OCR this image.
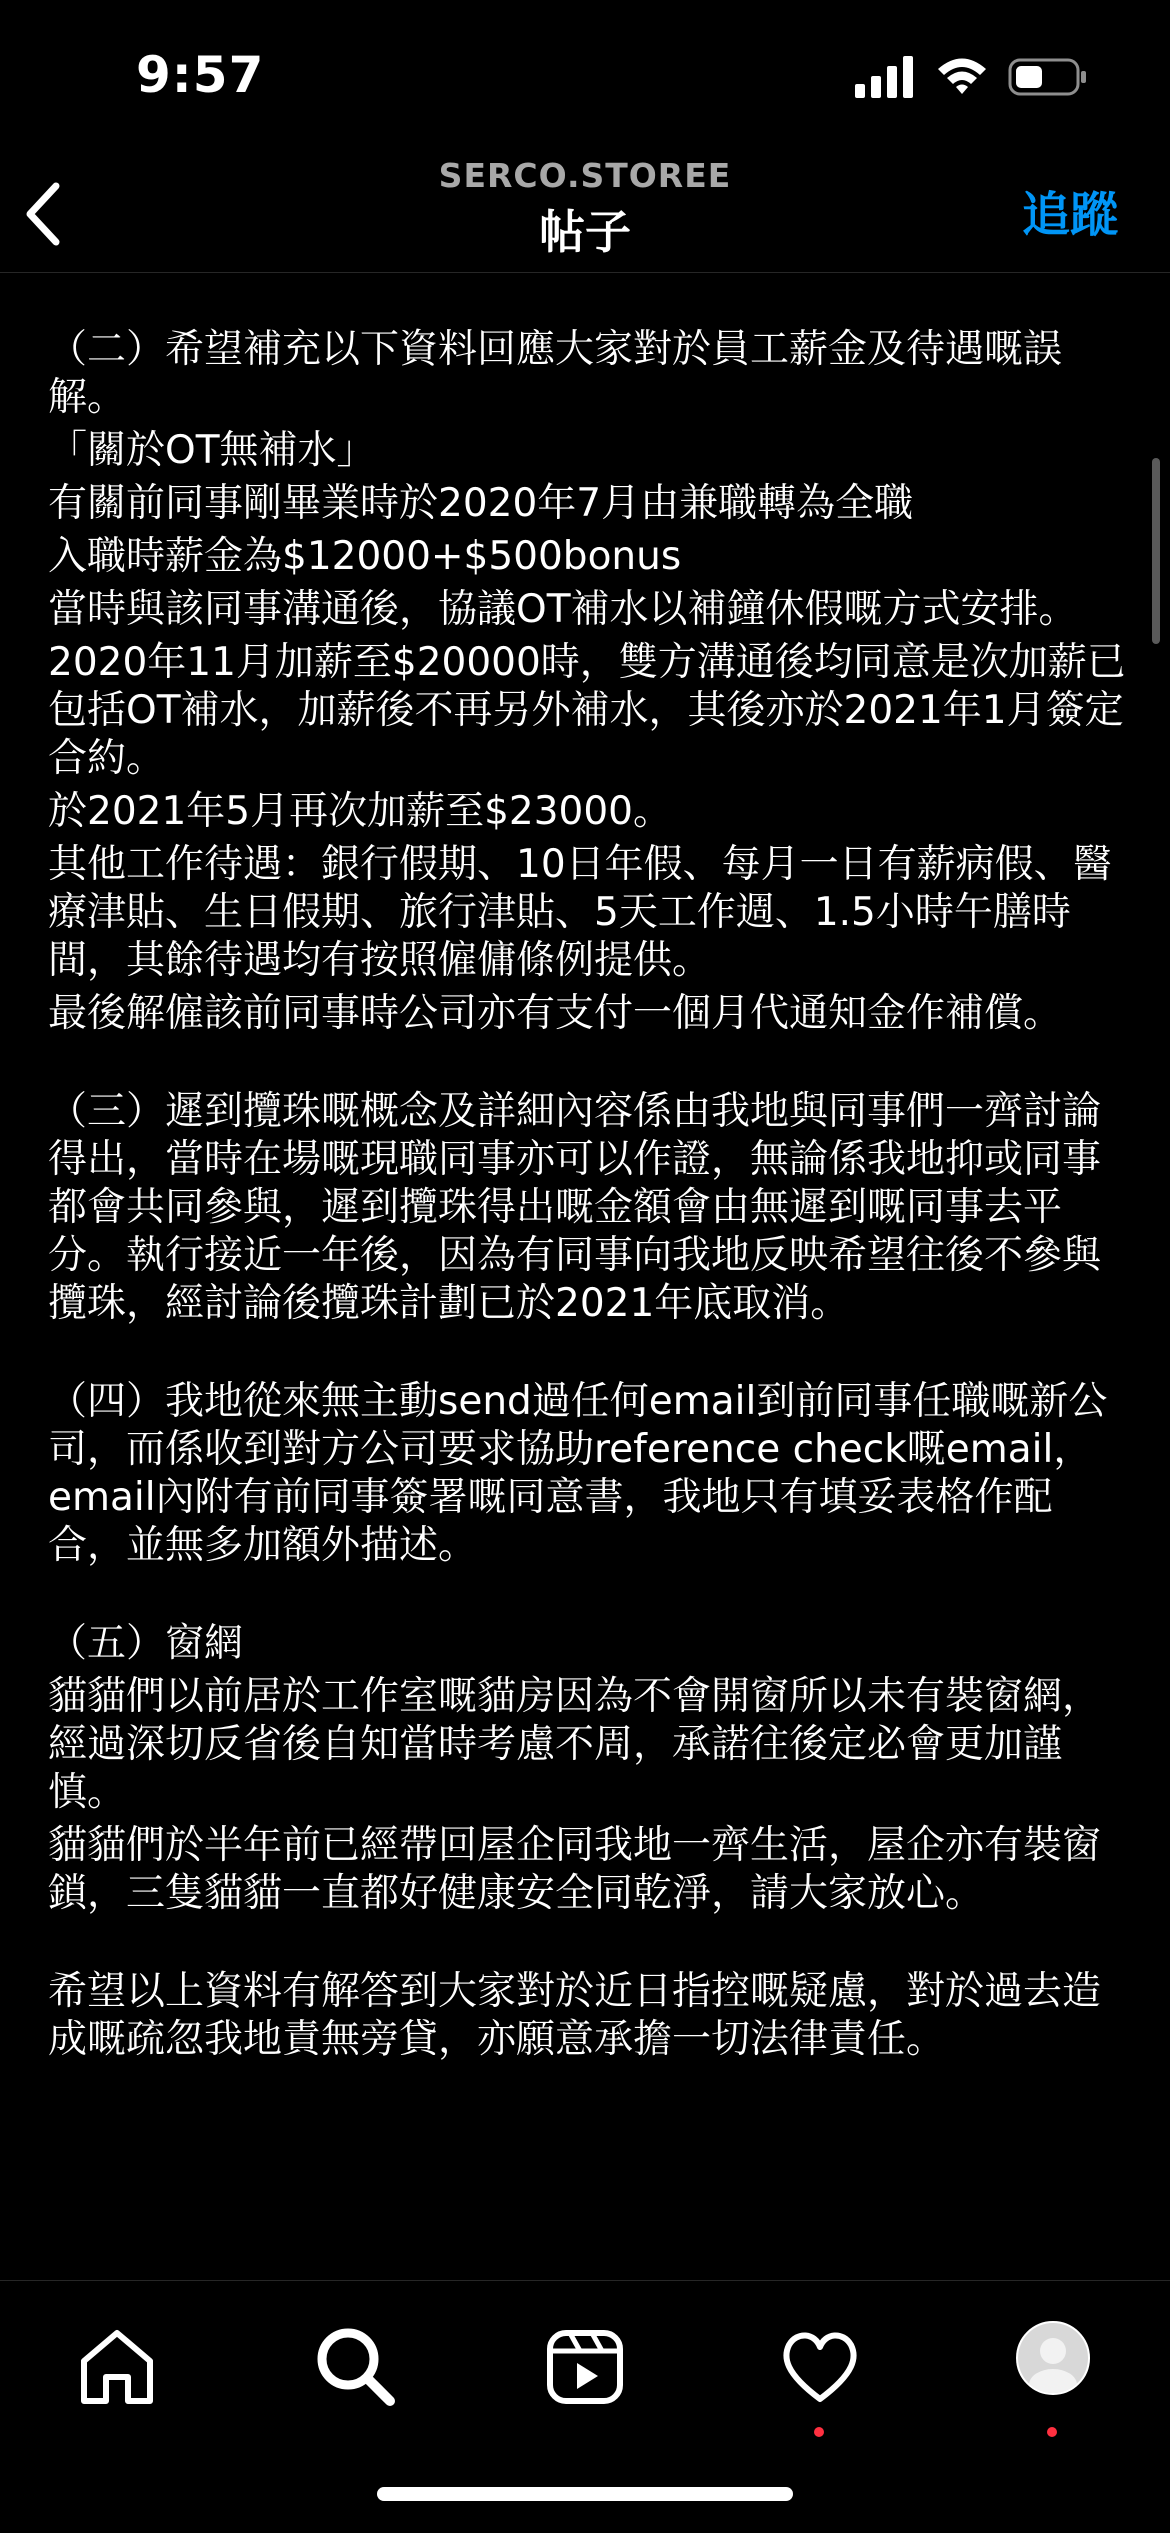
9:57
SERCO.STOREE
帖子	追蹤

（二）希望補充以下資料回應大家對於員工薪金及待遇嘅誤解。

「關於OT無補水」

有關前同事剛畢業時於2020年7月由兼職轉為全職

入職時薪金為$12000+$500bonus

當時與該同事溝通後，協議OT補水以補鐘休假嘅方式安排。

2020年11月加薪至$20000時，雙方溝通後均同意是次加薪已包括OT補水，加薪後不再另外補水，其後亦於2021年1月簽定合約。

於2021年5月再次加薪至$23000。

其他工作待遇：銀行假期、10日年假、每月一日有薪病假、醫療津貼、生日假期、旅行津貼、5天工作週、1.5小時午膳時間，其餘待遇均有按照僱傭條例提供。

最後解僱該前同事時公司亦有支付一個月代通知金作補償。

（三）遲到攬珠嘅概念及詳細內容係由我地與同事們一齊討論得出，當時在場嘅現職同事亦可以作證，無論係我地抑或同事都會共同參與，遲到攬珠得出嘅金額會由無遲到嘅同事去平分。執行接近一年後，因為有同事向我地反映希望往後不參與攬珠，經討論後攬珠計劃已於2021年底取消。

（四）我地從來無主動send過任何email到前同事任職嘅新公司，而係收到對方公司要求協助reference check嘅email，email內附有前同事簽署嘅同意書，我地只有填妥表格作配合，並無多加額外描述。

（五）窗網

貓貓們以前居於工作室嘅貓房因為不會開窗所以未有裝窗網，經過深切反省後自知當時考慮不周，承諾往後定必會更加謹慎。

貓貓們於半年前已經帶回屋企同我地一齊生活，屋企亦有裝窗鎖，三隻貓貓一直都好健康安全同乾淨，請大家放心。

希望以上資料有解答到大家對於近日指控嘅疑慮，對於過去造成嘅疏忽我地責無旁貸，亦願意承擔一切法律責任。
